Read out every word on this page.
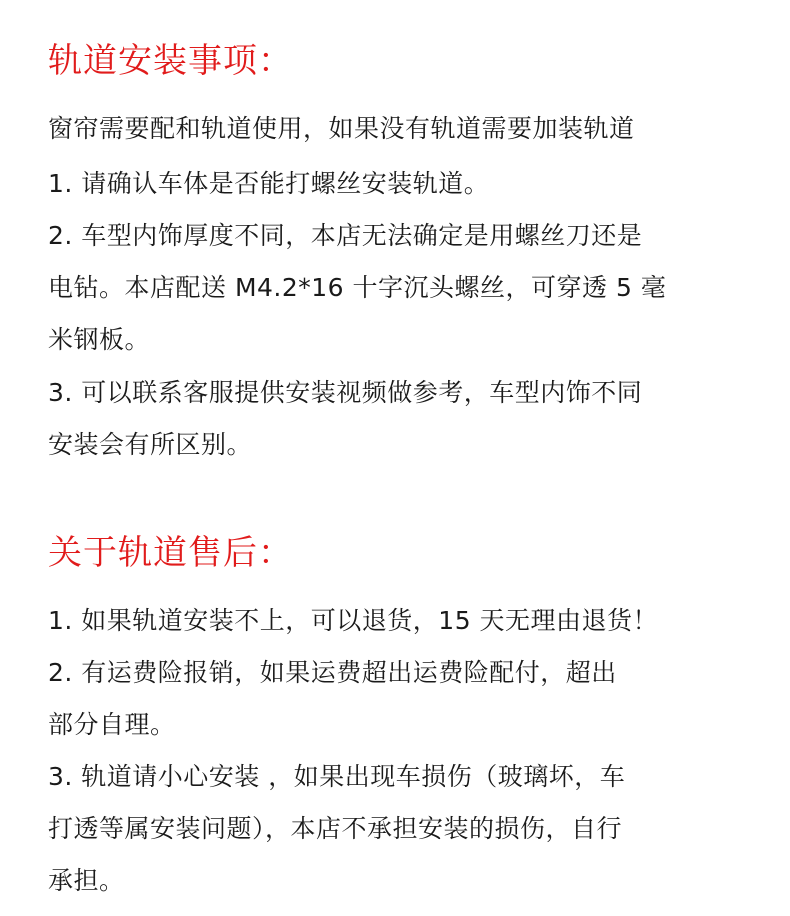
轨道安装事项：

窗帘需要配和轨道使用，如果没有轨道需要加装轨道

1. 请确认车体是否能打螺丝安装轨道。

2. 车型内饰厚度不同，本店无法确定是用螺丝刀还是

电钻。本店配送 M4.2*16 十字沉头螺丝，可穿透 5 毫

米钢板。

3. 可以联系客服提供安装视频做参考，车型内饰不同

安装会有所区别。

关于轨道售后：

1. 如果轨道安装不上，可以退货，15 天无理由退货！

2. 有运费险报销，如果运费超出运费险配付，超出

部分自理。

3. 轨道请小心安装 ，如果出现车损伤（玻璃坏，车

打透等属安装问题），本店不承担安装的损伤，自行

承担。
